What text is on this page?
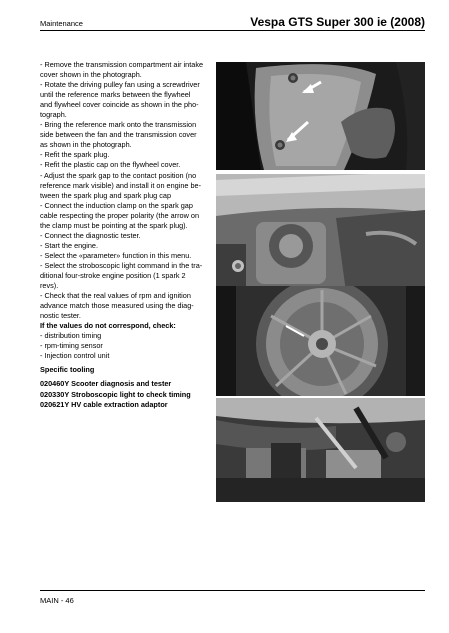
Maintenance	Vespa GTS Super 300 ie (2008)

- Remove the transmission compartment air intake

cover shown in the photograph.

- Rotate the driving pulley fan using a screwdriver

until the reference marks between the flywheel

and flywheel cover coincide as shown in the pho-

tograph.

- Bring the reference mark onto the transmission

side between the fan and the transmission cover

as shown in the photograph.

- Refit the spark plug.

- Refit the plastic cap on the flywheel cover.

- Adjust the spark gap to the contact position (no

reference mark visible) and install it on engine be-

tween the spark plug and spark plug cap

- Connect the induction clamp on the spark gap

cable respecting the proper polarity (the arrow on

the clamp must be pointing at the spark plug).

- Connect the diagnostic tester.

- Start the engine.

- Select the «parameter» function in this menu.

- Select the stroboscopic light command in the tra-

ditional four-stroke engine position (1 spark 2

revs).

- Check that the real values of rpm and ignition

advance match those measured using the diag-

nostic tester.

If the values do not correspond, check:

- distribution timing

- rpm-timing sensor

- Injection control unit

Specific tooling

020460Y Scooter diagnosis and tester

020330Y Stroboscopic light to check timing

020621Y HV cable extraction adaptor

MAIN - 46
